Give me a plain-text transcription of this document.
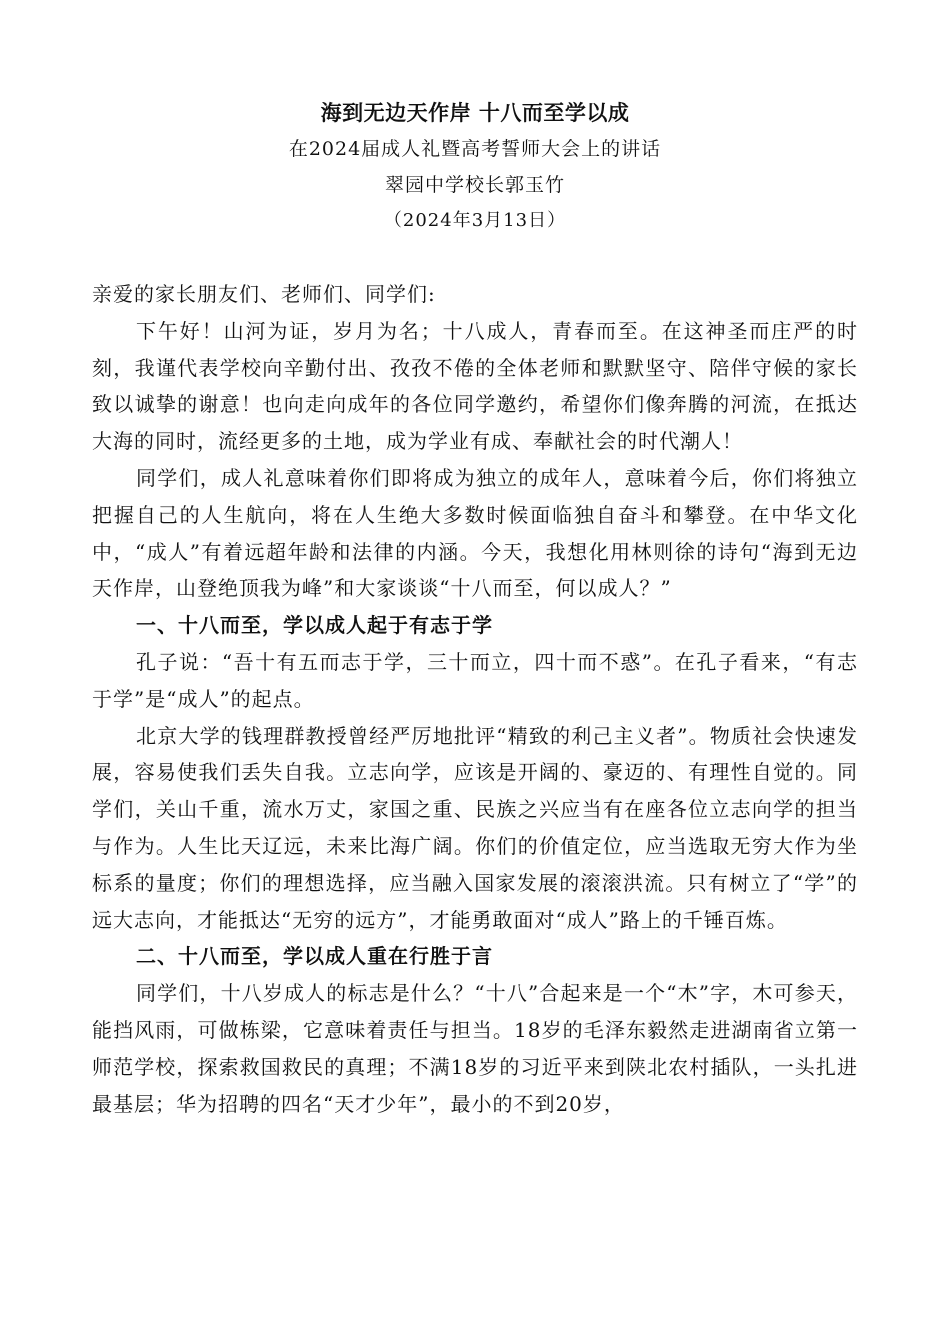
海到无边天作岸 十八而至学以成

在2024届成人礼暨高考誓师大会上的讲话

翠园中学校长郭玉竹

（2024年3月13日）

亲爱的家长朋友们、老师们、同学们:

下午好！山河为证，岁月为名；十八成人，青春而至。在这神圣而庄严的时刻，我谨代表学校向辛勤付出、孜孜不倦的全体老师和默默坚守、陪伴守候的家长致以诚挚的谢意！也向走向成年的各位同学邀约，希望你们像奔腾的河流，在抵达大海的同时，流经更多的土地，成为学业有成、奉献社会的时代潮人！

同学们，成人礼意味着你们即将成为独立的成年人，意味着今后，你们将独立把握自己的人生航向，将在人生绝大多数时候面临独自奋斗和攀登。在中华文化中，“成人”有着远超年龄和法律的内涵。今天，我想化用林则徐的诗句“海到无边天作岸，山登绝顶我为峰”和大家谈谈“十八而至，何以成人？”

一、十八而至，学以成人起于有志于学

孔子说：“吾十有五而志于学，三十而立，四十而不惑”。在孔子看来，“有志于学”是“成人”的起点。

北京大学的钱理群教授曾经严厉地批评“精致的利己主义者”。物质社会快速发展，容易使我们丢失自我。立志向学，应该是开阔的、豪迈的、有理性自觉的。同学们，关山千重，流水万丈，家国之重、民族之兴应当有在座各位立志向学的担当与作为。人生比天辽远，未来比海广阔。你们的价值定位，应当选取无穷大作为坐标系的量度；你们的理想选择，应当融入国家发展的滚滚洪流。只有树立了“学”的远大志向，才能抵达“无穷的远方”，才能勇敢面对“成人”路上的千锤百炼。

二、十八而至，学以成人重在行胜于言

同学们，十八岁成人的标志是什么？“十八”合起来是一个“木”字，木可参天，能挡风雨，可做栋梁，它意味着责任与担当。18岁的毛泽东毅然走进湖南省立第一师范学校，探索救国救民的真理；不满18岁的习近平来到陕北农村插队，一头扎进最基层；华为招聘的四名“天才少年”，最小的不到20岁，
